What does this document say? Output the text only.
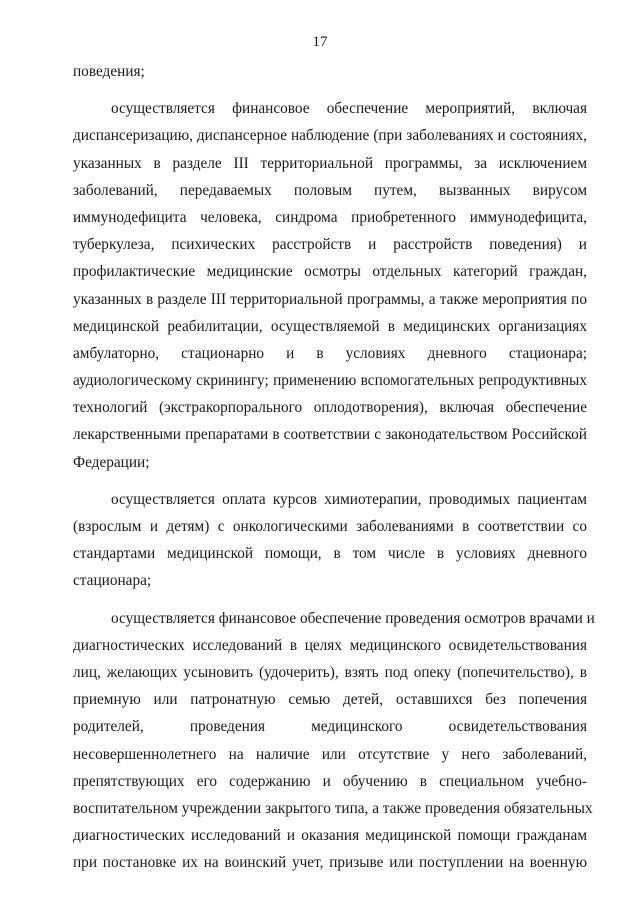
17
поведения;
осуществляется финансовое обеспечение мероприятий, включая
диспансеризацию, диспансерное наблюдение (при заболеваниях и состояниях,
указанных в разделе III территориальной программы, за исключением
заболеваний, передаваемых половым путем, вызванных вирусом
иммунодефицита человека, синдрома приобретенного иммунодефицита,
туберкулеза, психических расстройств и расстройств поведения) и
профилактические медицинские осмотры отдельных категорий граждан,
указанных в разделе III территориальной программы, а также мероприятия по
медицинской реабилитации, осуществляемой в медицинских организациях
амбулаторно, стационарно и в условиях дневного стационара;
аудиологическому скринингу; применению вспомогательных репродуктивных
технологий (экстракорпорального оплодотворения), включая обеспечение
лекарственными препаратами в соответствии с законодательством Российской
Федерации;
осуществляется оплата курсов химиотерапии, проводимых пациентам
(взрослым и детям) с онкологическими заболеваниями в соответствии со
стандартами медицинской помощи, в том числе в условиях дневного
стационара;
осуществляется финансовое обеспечение проведения осмотров врачами и
диагностических исследований в целях медицинского освидетельствования
лиц, желающих усыновить (удочерить), взять под опеку (попечительство), в
приемную или патронатную семью детей, оставшихся без попечения
родителей, проведения медицинского освидетельствования
несовершеннолетнего на наличие или отсутствие у него заболеваний,
препятствующих его содержанию и обучению в специальном учебно-
воспитательном учреждении закрытого типа, а также проведения обязательных
диагностических исследований и оказания медицинской помощи гражданам
при постановке их на воинский учет, призыве или поступлении на военную
